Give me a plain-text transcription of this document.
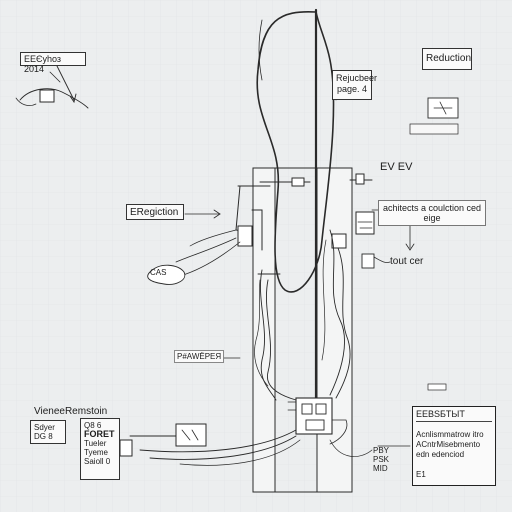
ЕЕЄуһоз 2014
Reduction
Rejucbeer
page. 4
EV EV
ERegiction	achitects a coulction ced
eige
tout cer
CAS
P#AWЁРEЯ
VieneeRemstoin
Sdyer
DG 8
Q8 6
FORET
Tueler
Tyeme
Saioll 0
PBY
PSK
MID
EEBSБTЫТ
Acnlismmatrow itro
ACntrMisebmento
edn edenciod

E1
